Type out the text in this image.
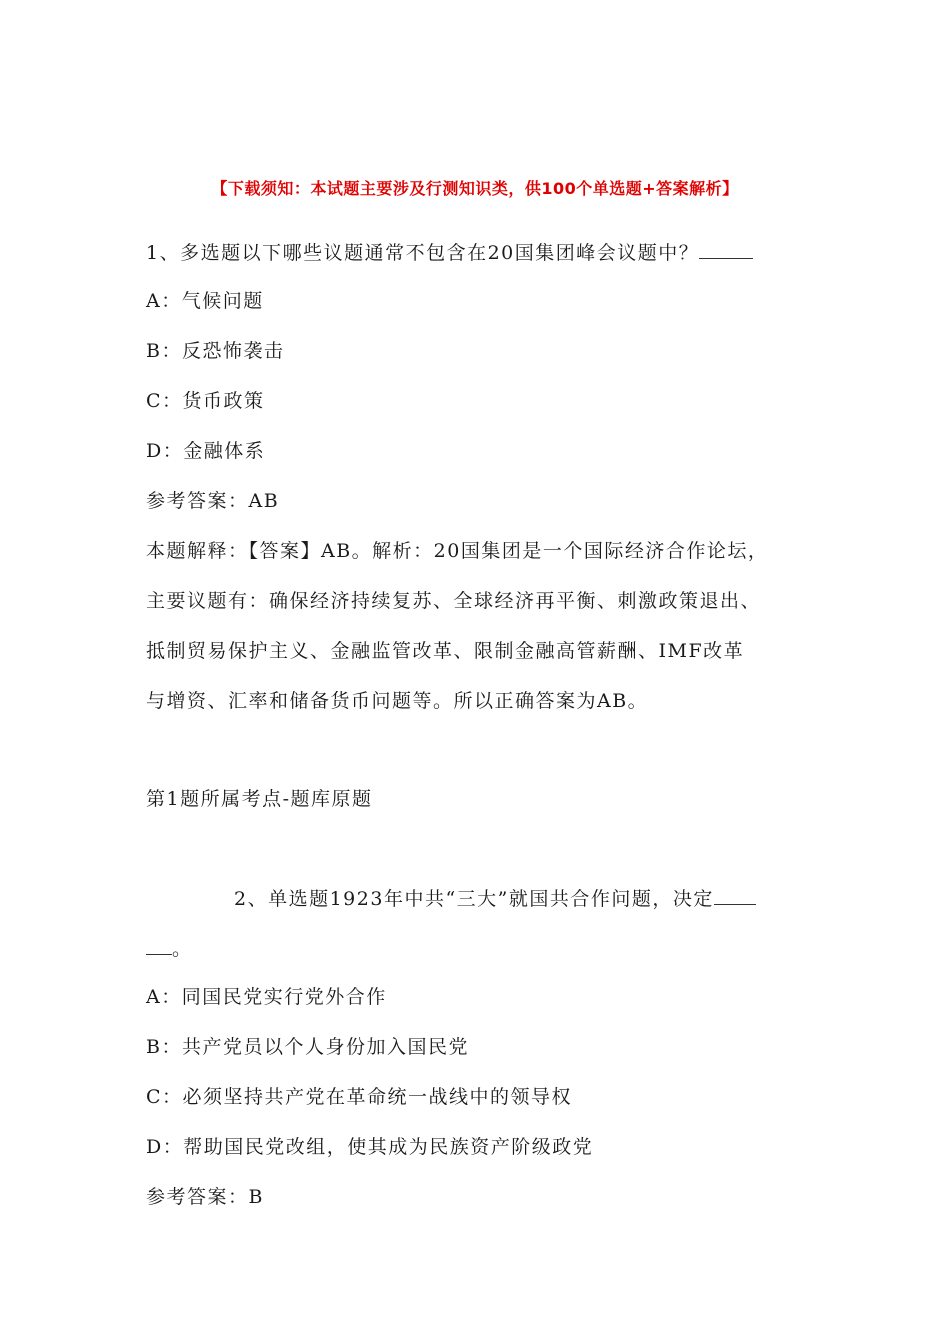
【下载须知：本试题主要涉及行测知识类，供100个单选题+答案解析】
1、多选题以下哪些议题通常不包含在20国集团峰会议题中？
A：气候问题
B：反恐怖袭击
C：货币政策
D：金融体系
参考答案：AB
本题解释：【答案】AB。解析：20国集团是一个国际经济合作论坛，
主要议题有：确保经济持续复苏、全球经济再平衡、刺激政策退出、
抵制贸易保护主义、金融监管改革、限制金融高管薪酬、IMF改革
与增资、汇率和储备货币问题等。所以正确答案为AB。
第1题所属考点-题库原题
2、单选题1923年中共“三大”就国共合作问题，决定
。
A：同国民党实行党外合作
B：共产党员以个人身份加入国民党
C：必须坚持共产党在革命统一战线中的领导权
D：帮助国民党改组，使其成为民族资产阶级政党
参考答案：B
